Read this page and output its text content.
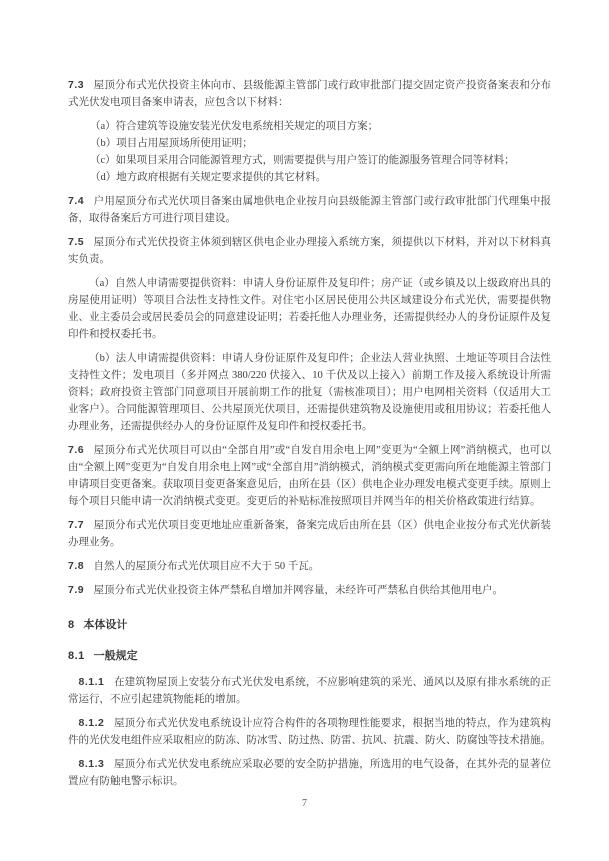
7.3 屋顶分布式光伏投资主体向市、县级能源主管部门或行政审批部门提交固定资产投资备案表和分布式光伏发电项目备案申请表，应包含以下材料：

（a）符合建筑等设施安装光伏发电系统相关规定的项目方案；

（b）项目占用屋顶场所使用证明；

（c）如果项目采用合同能源管理方式，则需要提供与用户签订的能源服务管理合同等材料；

（d）地方政府根据有关规定要求提供的其它材料。

7.4 户用屋顶分布式光伏项目备案由属地供电企业按月向县级能源主管部门或行政审批部门代理集中报备，取得备案后方可进行项目建设。

7.5 屋顶分布式光伏投资主体须到辖区供电企业办理接入系统方案，须提供以下材料，并对以下材料真实负责。

（a）自然人申请需要提供资料：申请人身份证原件及复印件；房产证（或乡镇及以上级政府出具的房屋使用证明）等项目合法性支持性文件。对住宅小区居民使用公共区域建设分布式光伏，需要提供物业、业主委员会或居民委员会的同意建设证明；若委托他人办理业务，还需提供经办人的身份证原件及复印件和授权委托书。

（b）法人申请需提供资料：申请人身份证原件及复印件；企业法人营业执照、土地证等项目合法性支持性文件；发电项目（多并网点 380/220 伏接入、10 千伏及以上接入）前期工作及接入系统设计所需资料；政府投资主管部门同意项目开展前期工作的批复（需核准项目）；用户电网相关资料（仅适用大工业客户）。合同能源管理项目、公共屋顶光伏项目，还需提供建筑物及设施使用或租用协议；若委托他人办理业务，还需提供经办人的身份证原件及复印件和授权委托书。

7.6 屋顶分布式光伏项目可以由“全部自用”或“自发自用余电上网”变更为“全额上网”消纳模式，也可以由“全额上网”变更为“自发自用余电上网”或“全部自用”消纳模式，消纳模式变更需向所在地能源主管部门申请项目变更备案。获取项目变更备案意见后，由所在县（区）供电企业办理发电模式变更手续。原则上每个项目只能申请一次消纳模式变更。变更后的补贴标准按照项目并网当年的相关价格政策进行结算。

7.7 屋顶分布式光伏项目变更地址应重新备案，备案完成后由所在县（区）供电企业按分布式光伏新装办理业务。

7.8 自然人的屋顶分布式光伏项目应不大于 50 千瓦。

7.9 屋顶分布式光伏业投资主体严禁私自增加并网容量，未经许可严禁私自供给其他用电户。

8 本体设计

8.1 一般规定

8.1.1 在建筑物屋顶上安装分布式光伏发电系统，不应影响建筑的采光、通风以及原有排水系统的正常运行，不应引起建筑物能耗的增加。

8.1.2 屋顶分布式光伏发电系统设计应符合构件的各项物理性能要求，根据当地的特点，作为建筑构件的光伏发电组件应采取相应的防冻、防冰雪、防过热、防雷、抗风、抗震、防火、防腐蚀等技术措施。

8.1.3 屋顶分布式光伏发电系统应采取必要的安全防护措施，所选用的电气设备，在其外壳的显著位置应有防触电警示标识。

7
